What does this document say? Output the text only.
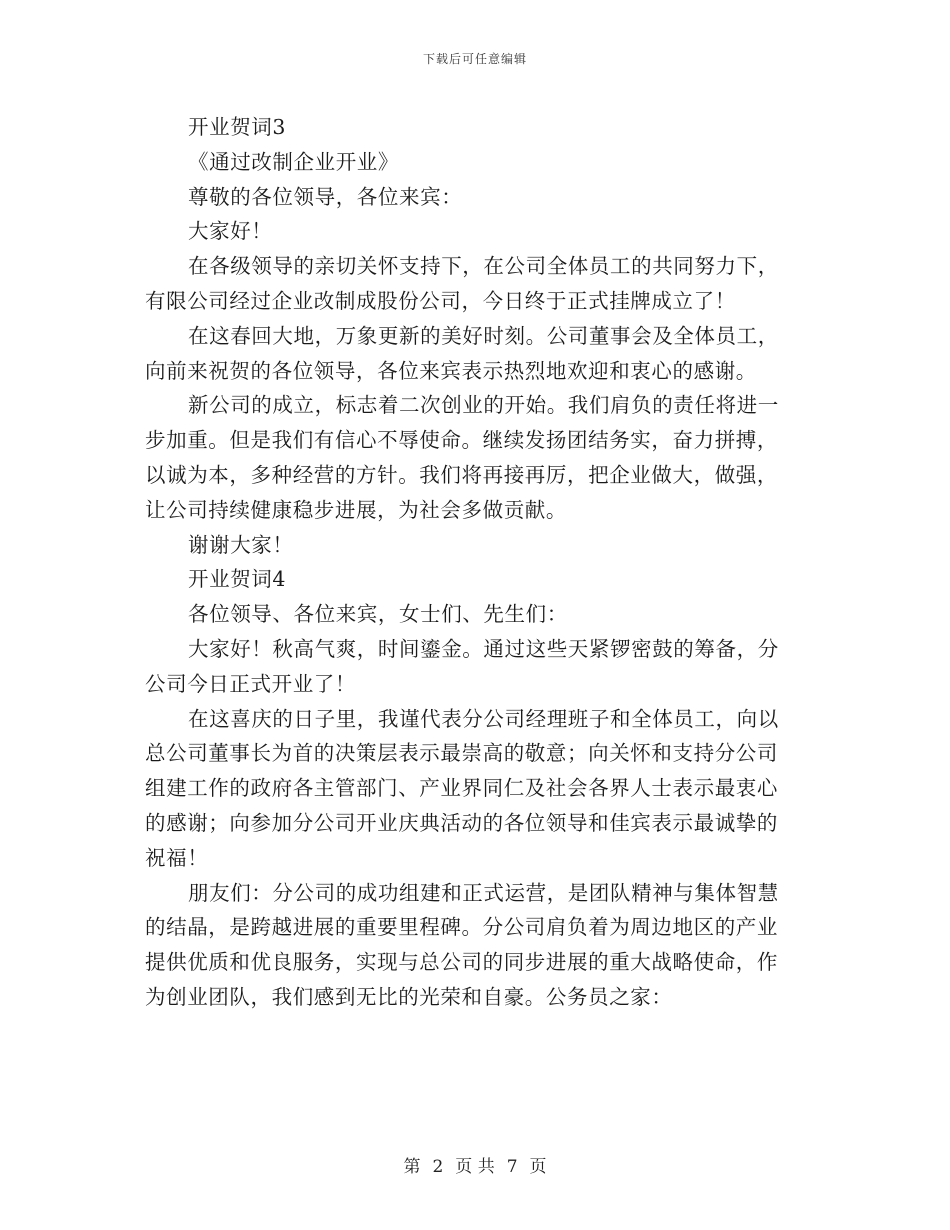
下载后可任意编辑
开业贺词3
《通过改制企业开业》
尊敬的各位领导，各位来宾：
大家好！
在各级领导的亲切关怀支持下，在公司全体员工的共同努力下，
有限公司经过企业改制成股份公司，今日终于正式挂牌成立了！
在这春回大地，万象更新的美好时刻。公司董事会及全体员工，
向前来祝贺的各位领导，各位来宾表示热烈地欢迎和衷心的感谢。
新公司的成立，标志着二次创业的开始。我们肩负的责任将进一
步加重。但是我们有信心不辱使命。继续发扬团结务实，奋力拼搏，
以诚为本，多种经营的方针。我们将再接再厉，把企业做大，做强，
让公司持续健康稳步进展，为社会多做贡献。
谢谢大家！
开业贺词4
各位领导、各位来宾，女士们、先生们：
大家好！秋高气爽，时间鎏金。通过这些天紧锣密鼓的筹备，分
公司今日正式开业了！
在这喜庆的日子里，我谨代表分公司经理班子和全体员工，向以
总公司董事长为首的决策层表示最崇高的敬意；向关怀和支持分公司
组建工作的政府各主管部门、产业界同仁及社会各界人士表示最衷心
的感谢；向参加分公司开业庆典活动的各位领导和佳宾表示最诚挚的
祝福！
朋友们：分公司的成功组建和正式运营，是团队精神与集体智慧
的结晶，是跨越进展的重要里程碑。分公司肩负着为周边地区的产业
提供优质和优良服务，实现与总公司的同步进展的重大战略使命，作
为创业团队，我们感到无比的光荣和自豪。公务员之家：
第 2 页 共 7 页
